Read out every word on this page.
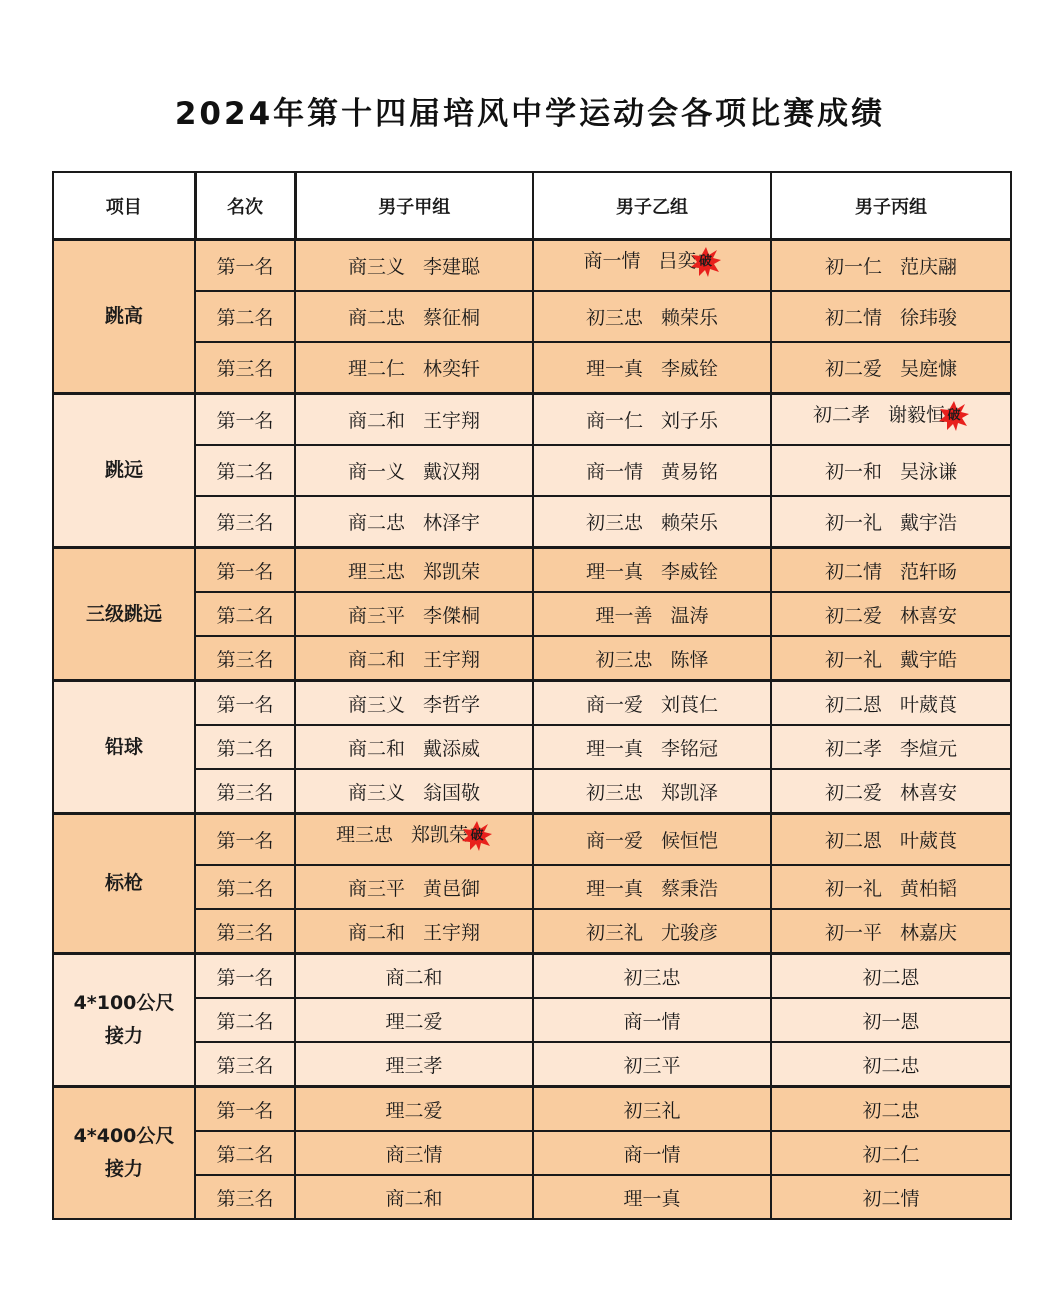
2024年第十四届培风中学运动会各项比赛成绩
项目	名次	男子甲组	男子乙组	男子丙组
跳高	第一名	商三义 李建聪	商一情 吕奕 破	初一仁 范庆翮

	第二名	商二忠 蔡征桐	初三忠 赖荣乐	初二情 徐玮骏

	第三名	理二仁 林奕轩	理一真 李威铨	初二爱 吴庭慷

跳远	第一名	商二和 王宇翔	商一仁 刘子乐	初二孝 谢毅恒 破

	第二名	商一义 戴汉翔	商一情 黄易铭	初一和 吴泳谦

	第三名	商二忠 林泽宇	初三忠 赖荣乐	初一礼 戴宇浩

三级跳远	第一名	理三忠 郑凯荣	理一真 李威铨	初二情 范轩旸

	第二名	商三平 李傑桐	理一善 温涛	初二爱 林喜安

	第三名	商二和 王宇翔	初三忠 陈怿	初一礼 戴宇皓

铅球	第一名	商三义 李哲学	商一爱 刘莨仁	初二恩 叶葳莨

	第二名	商二和 戴添威	理一真 李铭冠	初二孝 李煊元

	第三名	商三义 翁国敬	初三忠 郑凯泽	初二爱 林喜安

标枪	第一名	理三忠 郑凯荣 破	商一爱 候恒恺	初二恩 叶葳莨

	第二名	商三平 黄邑御	理一真 蔡秉浩	初一礼 黄柏韬

	第三名	商二和 王宇翔	初三礼 尤骏彦	初一平 林嘉庆

4*100公尺
接力	第一名	商二和	初三忠	初二恩
	第二名	理二爱	商一情	初一恩
	第三名	理三孝	初三平	初二忠
4*400公尺
接力	第一名	理二爱	初三礼	初二忠
	第二名	商三情	商一情	初二仁
	第三名	商二和	理一真	初二情
